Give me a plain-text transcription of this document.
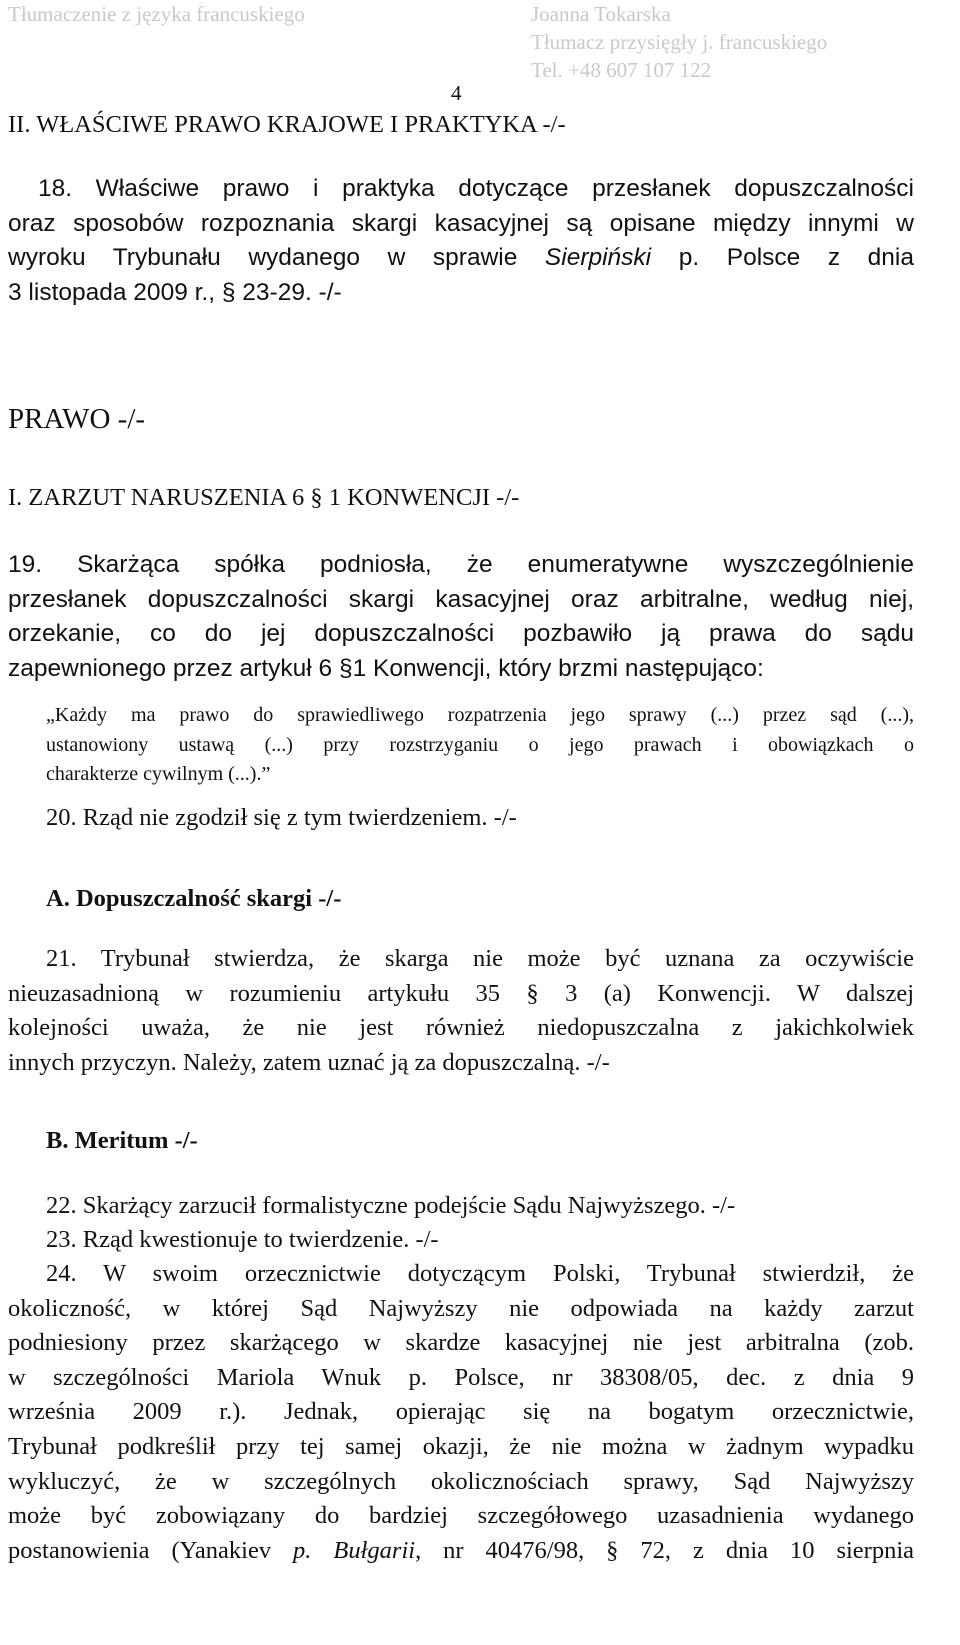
Tłumaczenie z języka francuskiego	Joanna Tokarska
Tłumacz przysięgły j. francuskiego
Tel. +48 607 107 122
4
II. WŁAŚCIWE PRAWO KRAJOWE I PRAKTYKA -/-
18. Właściwe prawo i praktyka dotyczące przesłanek dopuszczalności
oraz sposobów rozpoznania skargi kasacyjnej są opisane między innymi w
wyroku Trybunału wydanego w sprawie Sierpiński p. Polsce z dnia
3 listopada 2009 r., § 23-29. -/-
PRAWO -/-
I. ZARZUT NARUSZENIA 6 § 1 KONWENCJI -/-
19. Skarżąca spółka podniosła, że enumeratywne wyszczególnienie
przesłanek dopuszczalności skargi kasacyjnej oraz arbitralne, według niej,
orzekanie, co do jej dopuszczalności pozbawiło ją prawa do sądu
zapewnionego przez artykuł 6 §1 Konwencji, który brzmi następująco:
„Każdy ma prawo do sprawiedliwego rozpatrzenia jego sprawy (...) przez sąd (...),
ustanowiony ustawą (...) przy rozstrzyganiu o jego prawach i obowiązkach o
charakterze cywilnym (...).”
20. Rząd nie zgodził się z tym twierdzeniem. -/-
A. Dopuszczalność skargi -/-
21. Trybunał stwierdza, że skarga nie może być uznana za oczywiście
nieuzasadnioną w rozumieniu artykułu 35 § 3 (a) Konwencji. W dalszej
kolejności uważa, że nie jest również niedopuszczalna z jakichkolwiek
innych przyczyn. Należy, zatem uznać ją za dopuszczalną. -/-
B. Meritum -/-
22. Skarżący zarzucił formalistyczne podejście Sądu Najwyższego. -/-
23. Rząd kwestionuje to twierdzenie. -/-
24. W swoim orzecznictwie dotyczącym Polski, Trybunał stwierdził, że
okoliczność, w której Sąd Najwyższy nie odpowiada na każdy zarzut
podniesiony przez skarżącego w skardze kasacyjnej nie jest arbitralna (zob.
w szczególności Mariola Wnuk p. Polsce, nr 38308/05, dec. z dnia 9
września 2009 r.). Jednak, opierając się na bogatym orzecznictwie,
Trybunał podkreślił przy tej samej okazji, że nie można w żadnym wypadku
wykluczyć, że w szczególnych okolicznościach sprawy, Sąd Najwyższy
może być zobowiązany do bardziej szczegółowego uzasadnienia wydanego
postanowienia (Yanakiev p. Bułgarii, nr 40476/98, § 72, z dnia 10 sierpnia
